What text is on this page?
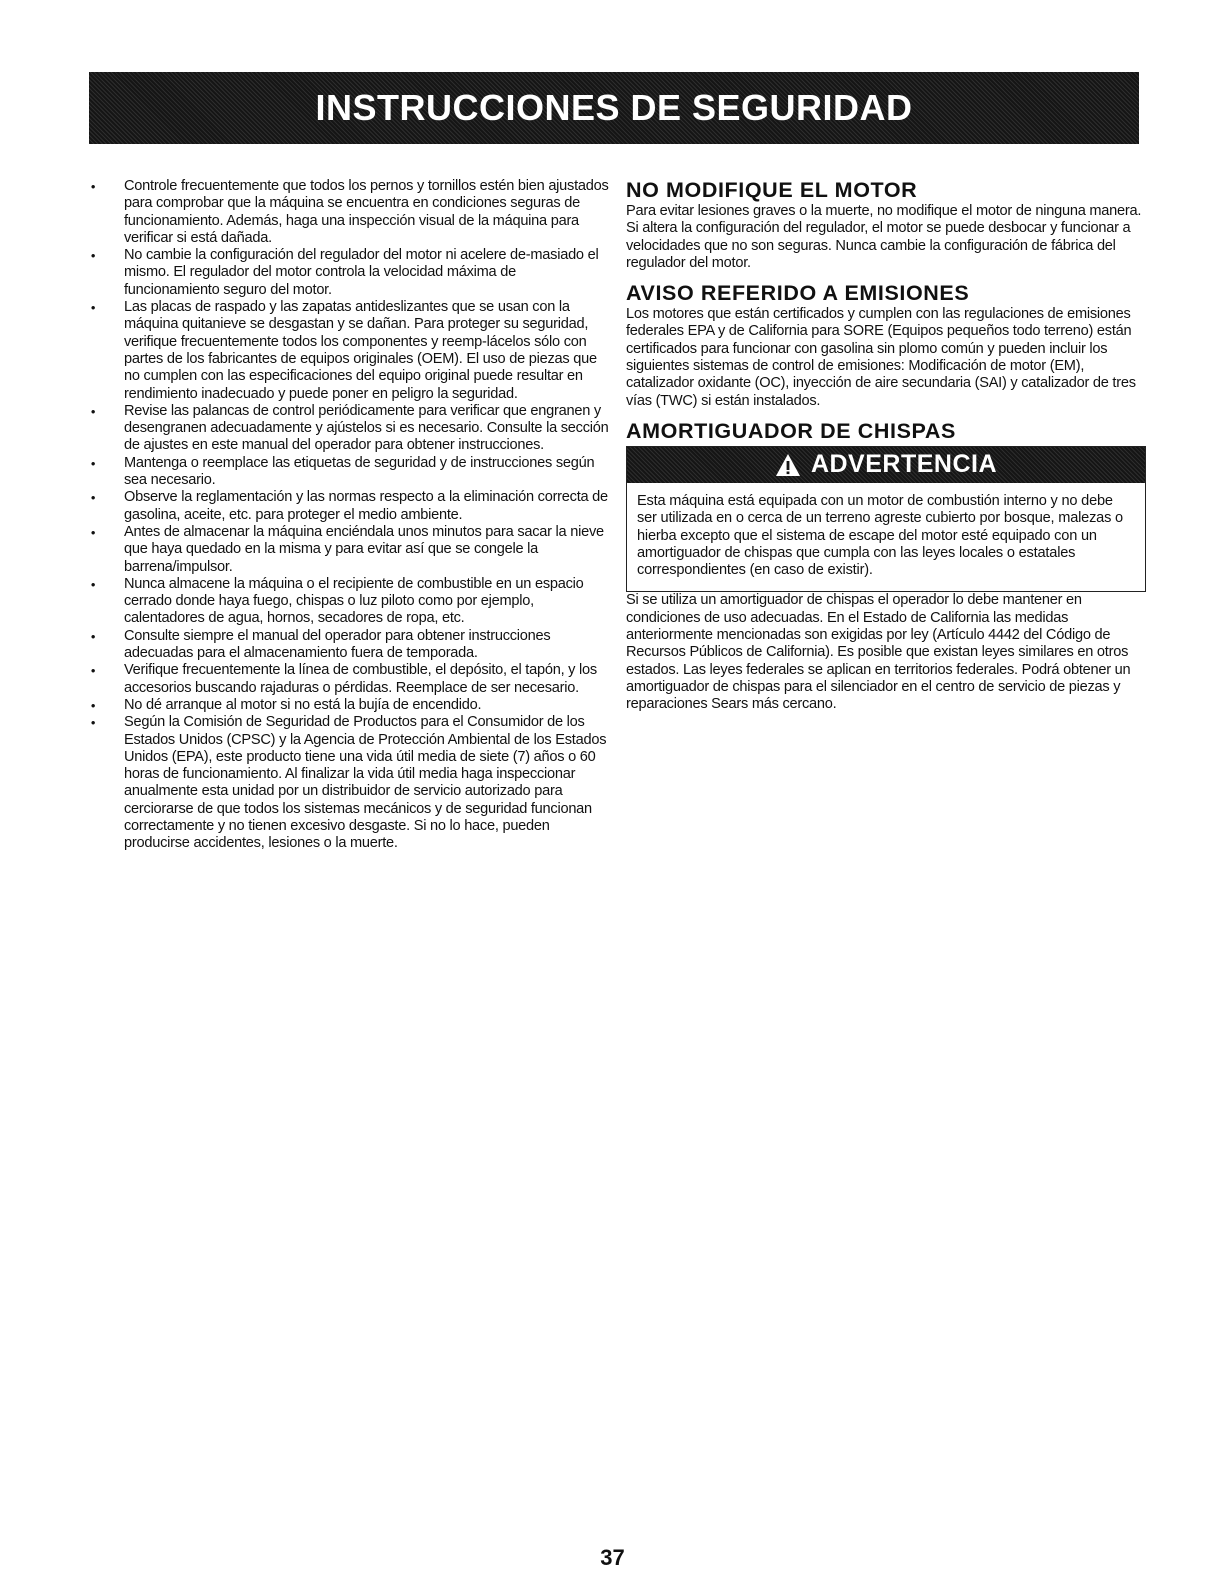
INSTRUCCIONES DE SEGURIDAD
• Controle frecuentemente que todos los pernos y tornillos estén bien ajustados para comprobar que la máquina se encuentra en condiciones seguras de funcionamiento. Además, haga una inspección visual de la máquina para verificar si está dañada.
• No cambie la configuración del regulador del motor ni acelere de-masiado el mismo. El regulador del motor controla la velocidad máxima de funcionamiento seguro del motor.
• Las placas de raspado y las zapatas antideslizantes que se usan con la máquina quitanieve se desgastan y se dañan. Para proteger su seguridad, verifique frecuentemente todos los componentes y reemp-lácelos sólo con partes de los fabricantes de equipos originales (OEM). El uso de piezas que no cumplen con las especificaciones del equipo original puede resultar en rendimiento inadecuado y puede poner en peligro la seguridad.
• Revise las palancas de control periódicamente para verificar que engranen y desengranen adecuadamente y ajústelos si es necesario. Consulte la sección de ajustes en este manual del operador para obtener instrucciones.
• Mantenga o reemplace las etiquetas de seguridad y de instrucciones según sea necesario.
• Observe la reglamentación y las normas respecto a la eliminación correcta de gasolina, aceite, etc. para proteger el medio ambiente.
• Antes de almacenar la máquina enciéndala unos minutos para sacar la nieve que haya quedado en la misma y para evitar así que se congele la barrena/impulsor.
• Nunca almacene la máquina o el recipiente de combustible en un espacio cerrado donde haya fuego, chispas o luz piloto como por ejemplo, calentadores de agua, hornos, secadores de ropa, etc.
• Consulte siempre el manual del operador para obtener instrucciones adecuadas para el almacenamiento fuera de temporada.
• Verifique frecuentemente la línea de combustible, el depósito, el tapón, y los accesorios buscando rajaduras o pérdidas. Reemplace de ser necesario.
• No dé arranque al motor si no está la bujía de encendido.
• Según la Comisión de Seguridad de Productos para el Consumidor de los Estados Unidos (CPSC) y la Agencia de Protección Ambiental de los Estados Unidos (EPA), este producto tiene una vida útil media de siete (7) años o 60 horas de funcionamiento. Al finalizar la vida útil media haga inspeccionar anualmente esta unidad por un distribuidor de servicio autorizado para cerciorarse de que todos los sistemas mecánicos y de seguridad funcionan correctamente y no tienen excesivo desgaste. Si no lo hace, pueden producirse accidentes, lesiones o la muerte.
NO MODIFIQUE EL MOTOR

Para evitar lesiones graves o la muerte, no modifique el motor de ninguna manera. Si altera la configuración del regulador, el motor se puede desbocar y funcionar a velocidades que no son seguras. Nunca cambie la configuración de fábrica del regulador del motor.

AVISO REFERIDO A EMISIONES

Los motores que están certificados y cumplen con las regulaciones de emisiones federales EPA y de California para SORE (Equipos pequeños todo terreno) están certificados para funcionar con gasolina sin plomo común y pueden incluir los siguientes sistemas de control de emisiones: Modificación de motor (EM), catalizador oxidante (OC), inyección de aire secundaria (SAI) y catalizador de tres vías (TWC) si están instalados.

AMORTIGUADOR DE CHISPAS
ADVERTENCIA
Esta máquina está equipada con un motor de combustión interno y no debe ser utilizada en o cerca de un terreno agreste cubierto por bosque, malezas o hierba excepto que el sistema de escape del motor esté equipado con un amortiguador de chispas que cumpla con las leyes locales o estatales correspondientes (en caso de existir).

Si se utiliza un amortiguador de chispas el operador lo debe mantener en condiciones de uso adecuadas. En el Estado de California las medidas anteriormente mencionadas son exigidas por ley (Artículo 4442 del Código de Recursos Públicos de California). Es posible que existan leyes similares en otros estados. Las leyes federales se aplican en territorios federales. Podrá obtener un amortiguador de chispas para el silenciador en el centro de servicio de piezas y reparaciones Sears más cercano.

37
